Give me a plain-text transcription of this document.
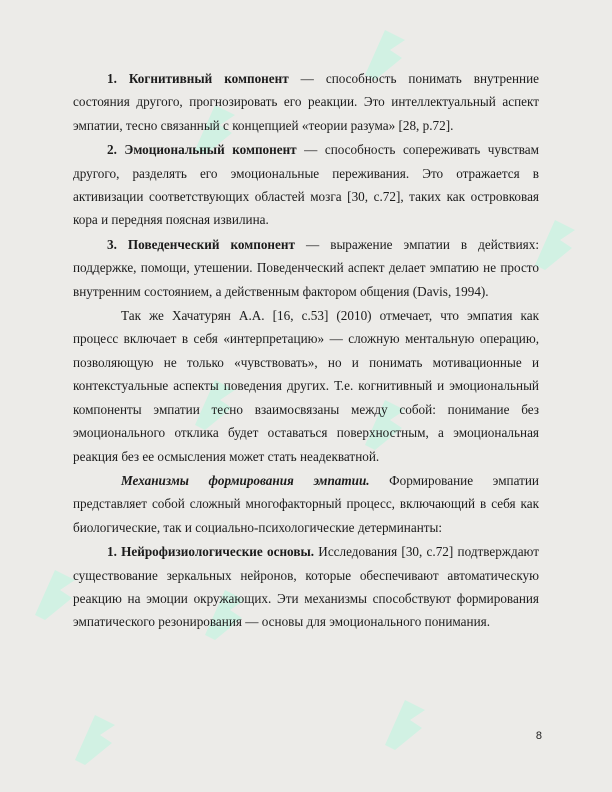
1. Когнитивный компонент — способность понимать внутренние состояния другого, прогнозировать его реакции. Это интеллектуальный аспект эмпатии, тесно связанный с концепцией «теории разума» [28, p.72].

2. Эмоциональный компонент — способность сопереживать чувствам другого, разделять его эмоциональные переживания. Это отражается в активизации соответствующих областей мозга [30, с.72], таких как островковая кора и передняя поясная извилина.

3. Поведенческий компонент — выражение эмпатии в действиях: поддержке, помощи, утешении. Поведенческий аспект делает эмпатию не просто внутренним состоянием, а действенным фактором общения (Davis, 1994).

Так же Хачатурян А.А. [16, с.53] (2010) отмечает, что эмпатия как процесс включает в себя «интерпретацию» — сложную ментальную операцию, позволяющую не только «чувствовать», но и понимать мотивационные и контекстуальные аспекты поведения других. Т.е. когнитивный и эмоциональный компоненты эмпатии тесно взаимосвязаны между собой: понимание без эмоционального отклика будет оставаться поверхностным, а эмоциональная реакция без ее осмысления может стать неадекватной.

Механизмы формирования эмпатии. Формирование эмпатии представляет собой сложный многофакторный процесс, включающий в себя как биологические, так и социально-психологические детерминанты:

1. Нейрофизиологические основы. Исследования [30, с.72] подтверждают существование зеркальных нейронов, которые обеспечивают автоматическую реакцию на эмоции окружающих. Эти механизмы способствуют формирования эмпатического резонирования — основы для эмоционального понимания.

8
